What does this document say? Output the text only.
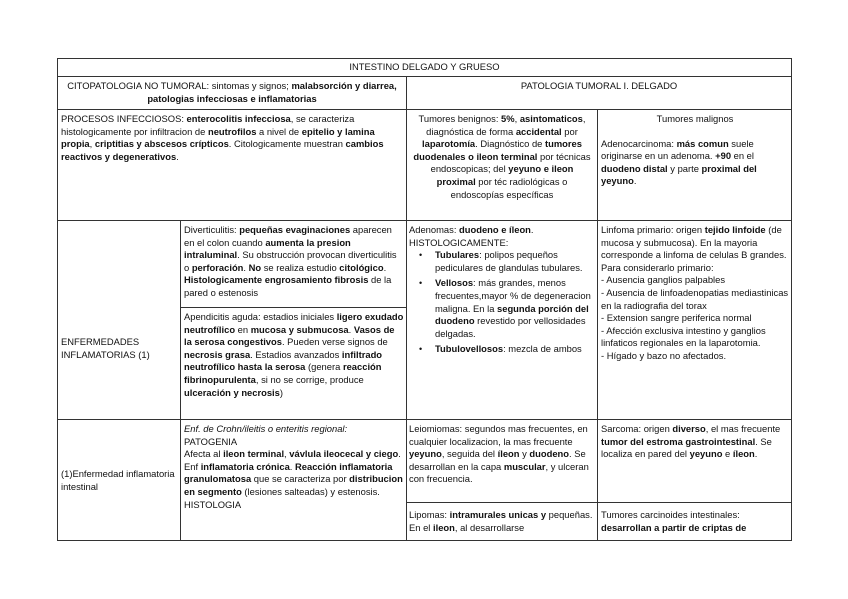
INTESTINO DELGADO Y GRUESO
CITOPATOLOGIA NO TUMORAL: sintomas y signos; malabsorción y diarrea, patologias infecciosas e inflamatorias
PATOLOGIA TUMORAL I. DELGADO
PROCESOS INFECCIOSOS: enterocolitis infecciosa, se caracteriza histologicamente por infiltracion de neutrofilos a nivel de epitelio y lamina propia, criptitias y abscesos crípticos. Citologicamente muestran cambios reactivos y degenerativos.
Tumores benignos: 5%, asintomaticos, diagnóstica de forma accidental por laparotomía. Diagnóstico de tumores duodenales o ileon terminal por técnicas endoscopicas; del yeyuno e ileon proximal por téc radiológicas o endoscopías específicas
Tumores malignos
Adenocarcinoma: más comun suele originarse en un adenoma. +90 en el duodeno distal y parte proximal del yeyuno.
ENFERMEDADES INFLAMATORIAS (1)
Diverticulitis: pequeñas evaginaciones aparecen en el colon cuando aumenta la presion intraluminal. Su obstrucción provocan diverticulitis o perforación. No se realiza estudio citológico. Histologicamente engrosamiento fibrosis de la pared o estenosis
Apendicitis aguda: estadios iniciales ligero exudado neutrofílico en mucosa y submucosa. Vasos de la serosa congestivos. Pueden verse signos de necrosis grasa. Estadios avanzados infiltrado neutrofílico hasta la serosa (genera reacción fibrinopurulenta, si no se corrige, produce ulceración y necrosis)
Adenomas: duodeno e íleon.
HISTOLOGICAMENTE:
• Tubulares: polipos pequeños pediculares de glandulas tubulares.
• Vellosos: más grandes, menos frecuentes,mayor % de degeneracion maligna. En la segunda porción del duodeno revestido por vellosidades delgadas.
• Tubulovellosos: mezcla de ambos
Linfoma primario: origen tejido linfoide (de mucosa y submucosa). En la mayoria corresponde a linfoma de celulas B grandes. Para considerarlo primario:
- Ausencia ganglios palpables
- Ausencia de linfoadenopatias mediastinicas en la radiografia del torax
- Extension sangre periferica normal
- Afección exclusiva intestino y ganglios linfaticos regionales en la laparotomia.
- Hígado y bazo no afectados.
(1)Enfermedad inflamatoria intestinal
Enf. de Crohn/ileitis o enteritis regional:
PATOGENIA
Afecta al ileon terminal, vávlula ileocecal y ciego. Enf inflamatoria crónica. Reacción inflamatoria granulomatosa que se caracteriza por distribucion en segmento (lesiones salteadas) y estenosis.
HISTOLOGIA
Leiomiomas: segundos mas frecuentes, en cualquier localizacion, la mas frecuente yeyuno, seguida del íleon y duodeno. Se desarrollan en la capa muscular, y ulceran con frecuencia.
Sarcoma: origen diverso, el mas frecuente tumor del estroma gastrointestinal. Se localiza en pared del yeyuno e íleon.
Lipomas: intramurales unicas y pequeñas. En el ileon, al desarrollarse
Tumores carcinoides intestinales: desarrollan a partir de criptas de
